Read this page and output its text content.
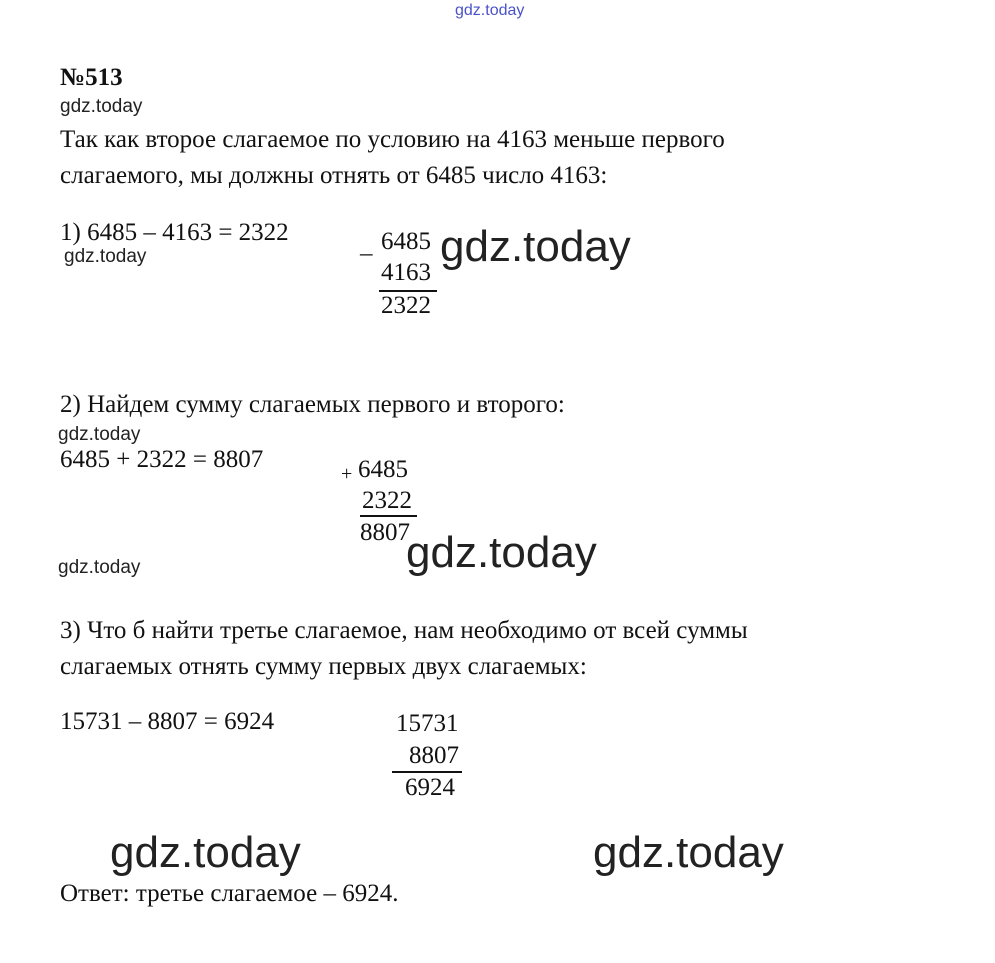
gdz.today
№513
gdz.today
Так как второе слагаемое по условию на 4163 меньше первого
слагаемого, мы должны отнять от 6485 число 4163:
1) 6485 – 4163 = 2322
gdz.today	– 6485
4163
2322
gdz.today
2) Найдем сумму слагаемых первого и второго:
gdz.today
6485 + 2322 = 8807
+ 6485
2322
8807
gdz.today
gdz.today
3) Что б найти третье слагаемое, нам необходимо от всей суммы
слагаемых отнять сумму первых двух слагаемых:
15731 – 8807 = 6924	15731
8807
6924
gdz.today	gdz.today
Ответ: третье слагаемое – 6924.
